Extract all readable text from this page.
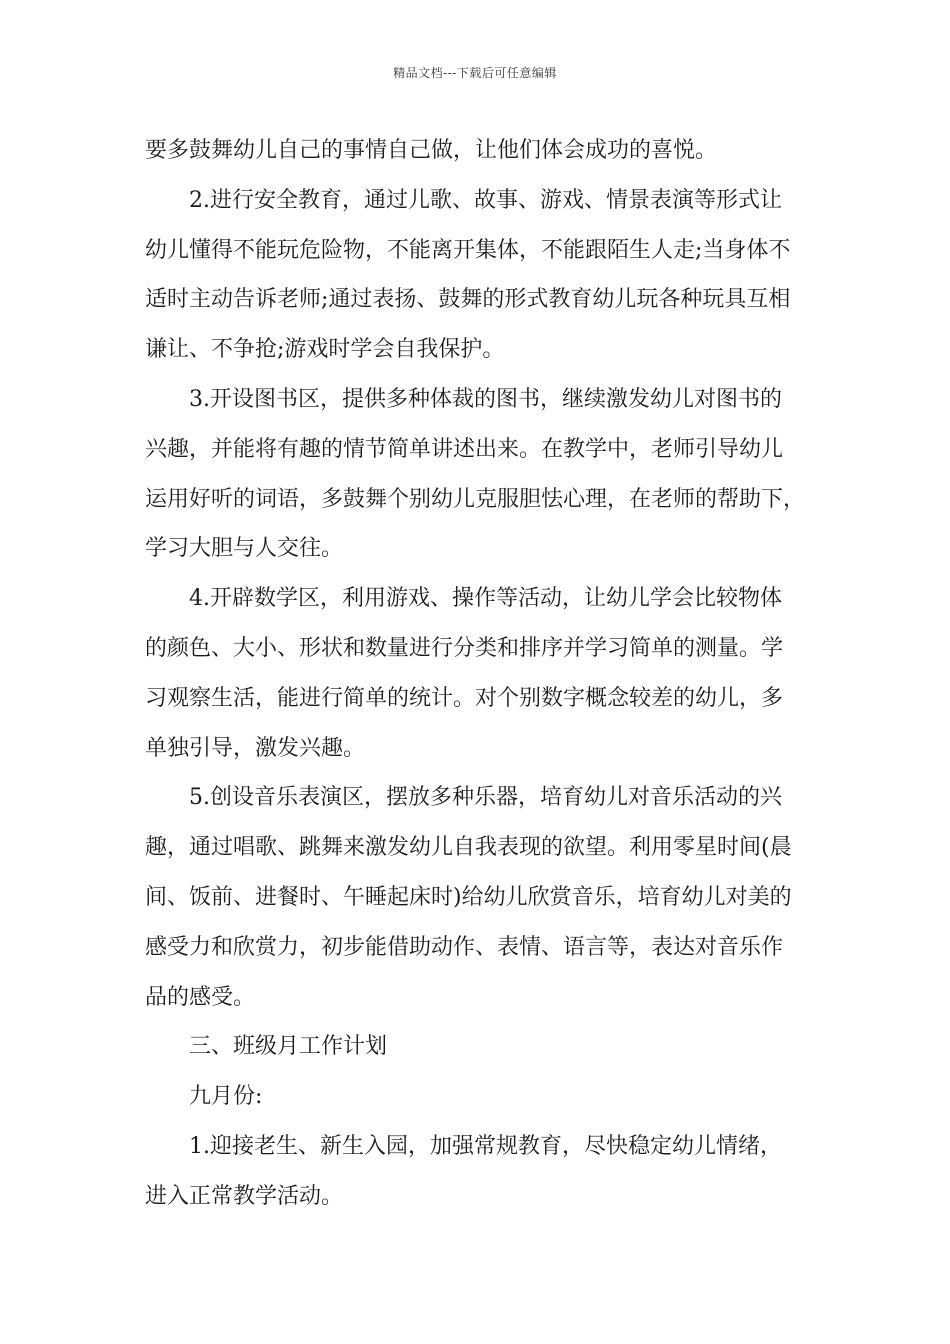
精品文档---下载后可任意编辑
要多鼓舞幼儿自己的事情自己做，让他们体会成功的喜悦。
2.进行安全教育，通过儿歌、故事、游戏、情景表演等形式让
幼儿懂得不能玩危险物，不能离开集体，不能跟陌生人走;当身体不
适时主动告诉老师;通过表扬、鼓舞的形式教育幼儿玩各种玩具互相
谦让、不争抢;游戏时学会自我保护。
3.开设图书区，提供多种体裁的图书，继续激发幼儿对图书的
兴趣，并能将有趣的情节简单讲述出来。在教学中，老师引导幼儿
运用好听的词语，多鼓舞个别幼儿克服胆怯心理，在老师的帮助下，
学习大胆与人交往。
4.开辟数学区，利用游戏、操作等活动，让幼儿学会比较物体
的颜色、大小、形状和数量进行分类和排序并学习简单的测量。学
习观察生活，能进行简单的统计。对个别数字概念较差的幼儿，多
单独引导，激发兴趣。
5.创设音乐表演区，摆放多种乐器，培育幼儿对音乐活动的兴
趣，通过唱歌、跳舞来激发幼儿自我表现的欲望。利用零星时间(晨
间、饭前、进餐时、午睡起床时)给幼儿欣赏音乐，培育幼儿对美的
感受力和欣赏力，初步能借助动作、表情、语言等，表达对音乐作
品的感受。
三、班级月工作计划
九月份:
1.迎接老生、新生入园，加强常规教育，尽快稳定幼儿情绪，
进入正常教学活动。
